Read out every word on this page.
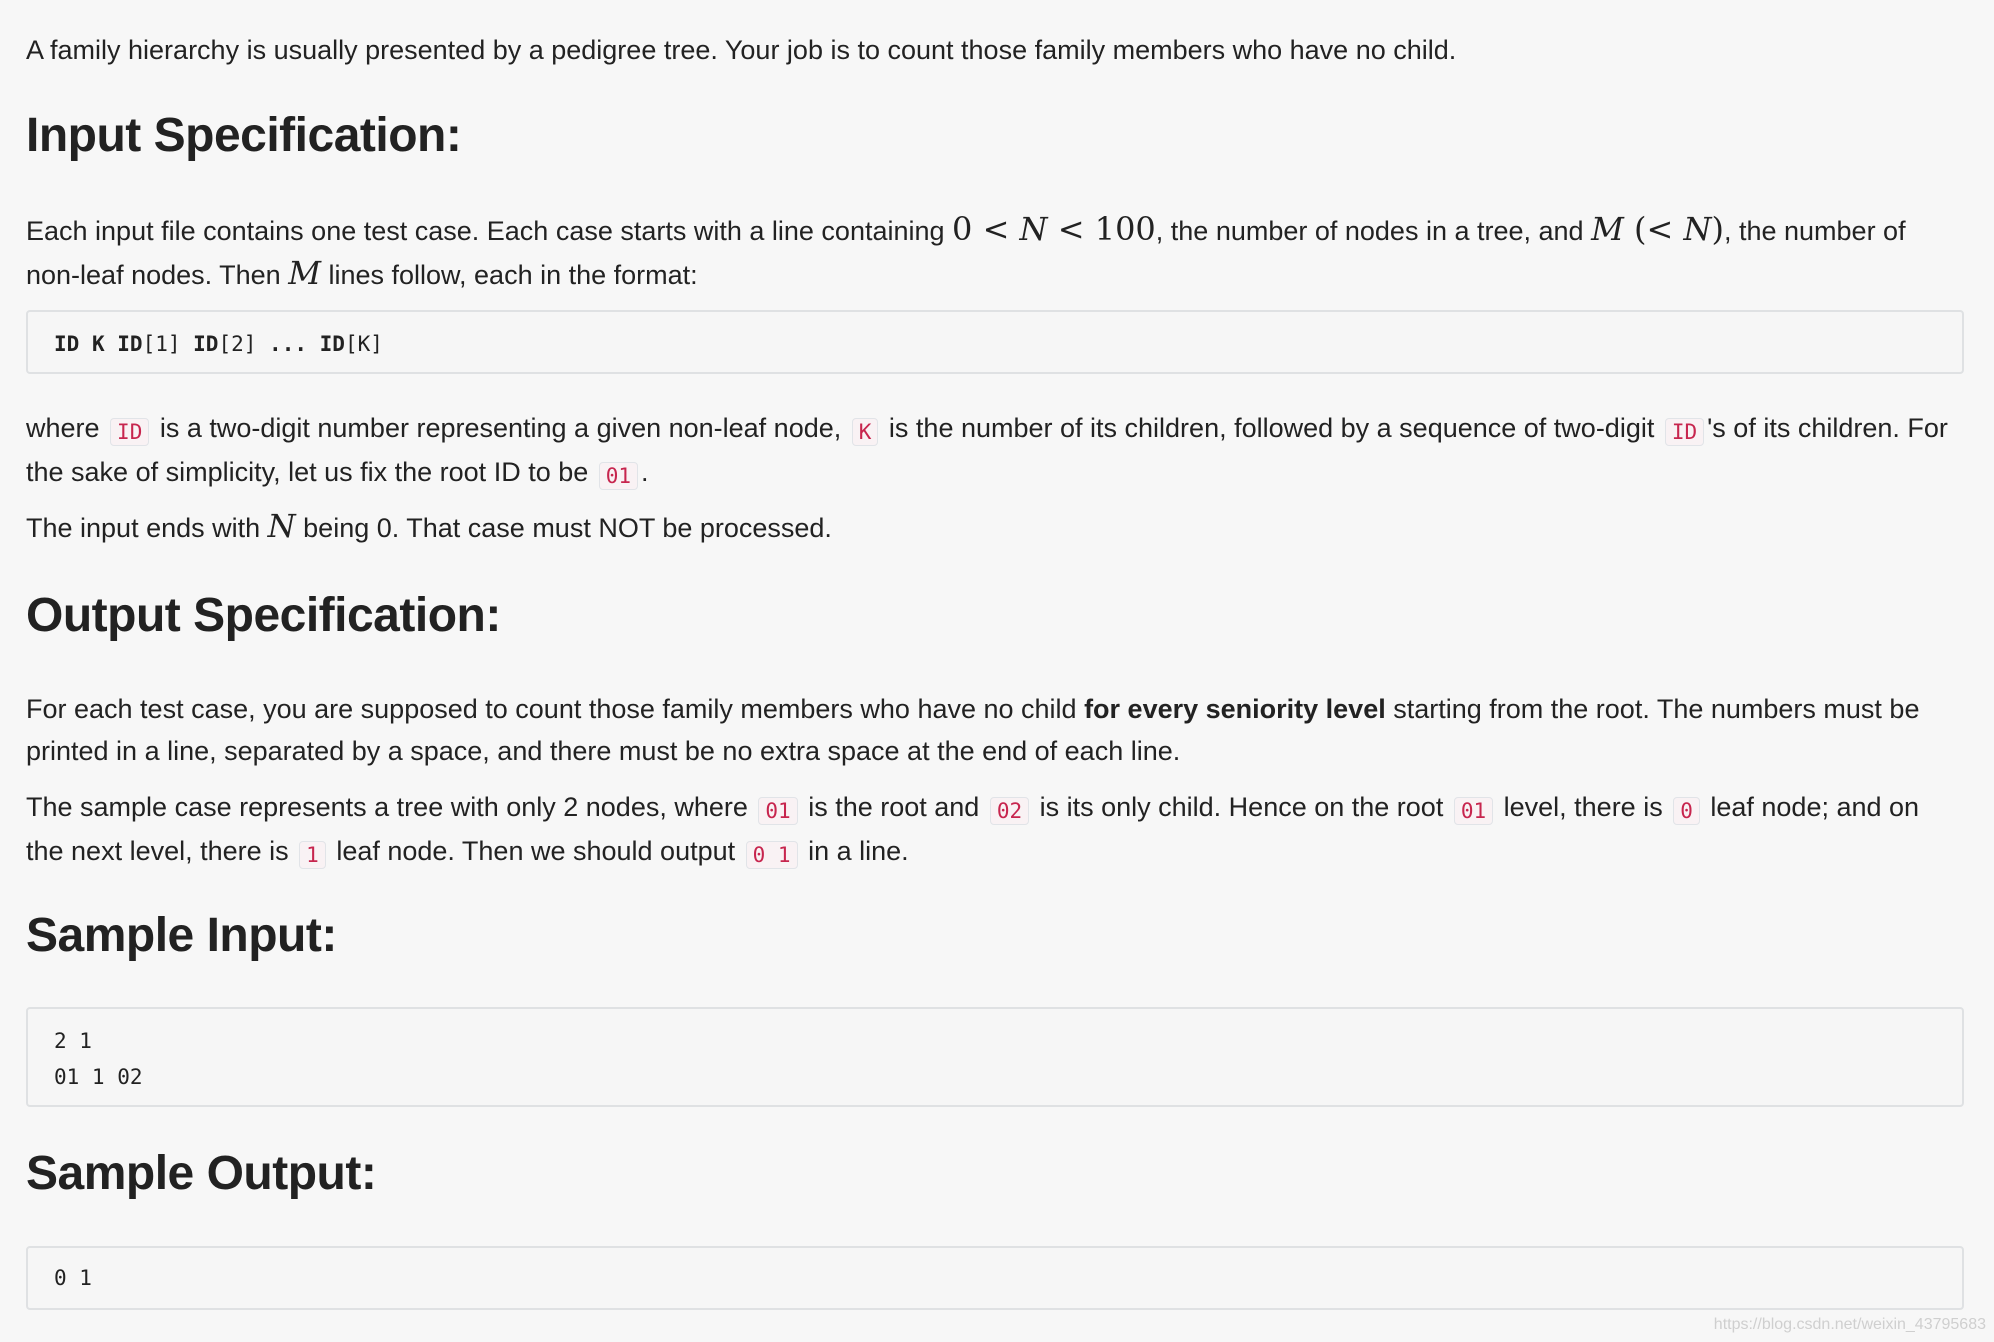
A family hierarchy is usually presented by a pedigree tree. Your job is to count those family members who have no child.

Input Specification:

Each input file contains one test case. Each case starts with a line containing 0 < N < 100, the number of nodes in a tree, and M (< N), the number of non-leaf nodes. Then M lines follow, each in the format:

ID K ID[1] ID[2] ... ID[K]

where ID is a two-digit number representing a given non-leaf node, K is the number of its children, followed by a sequence of two-digit ID 's of its children. For the sake of simplicity, let us fix the root ID to be 01 .

The input ends with N being 0. That case must NOT be processed.

Output Specification:

For each test case, you are supposed to count those family members who have no child for every seniority level starting from the root. The numbers must be printed in a line, separated by a space, and there must be no extra space at the end of each line.

The sample case represents a tree with only 2 nodes, where 01 is the root and 02 is its only child. Hence on the root 01 level, there is 0 leaf node; and on the next level, there is 1 leaf node. Then we should output 0 1 in a line.

Sample Input:
2 1
01 1 02
Sample Output:
0 1
https://blog.csdn.net/weixin_43795683
